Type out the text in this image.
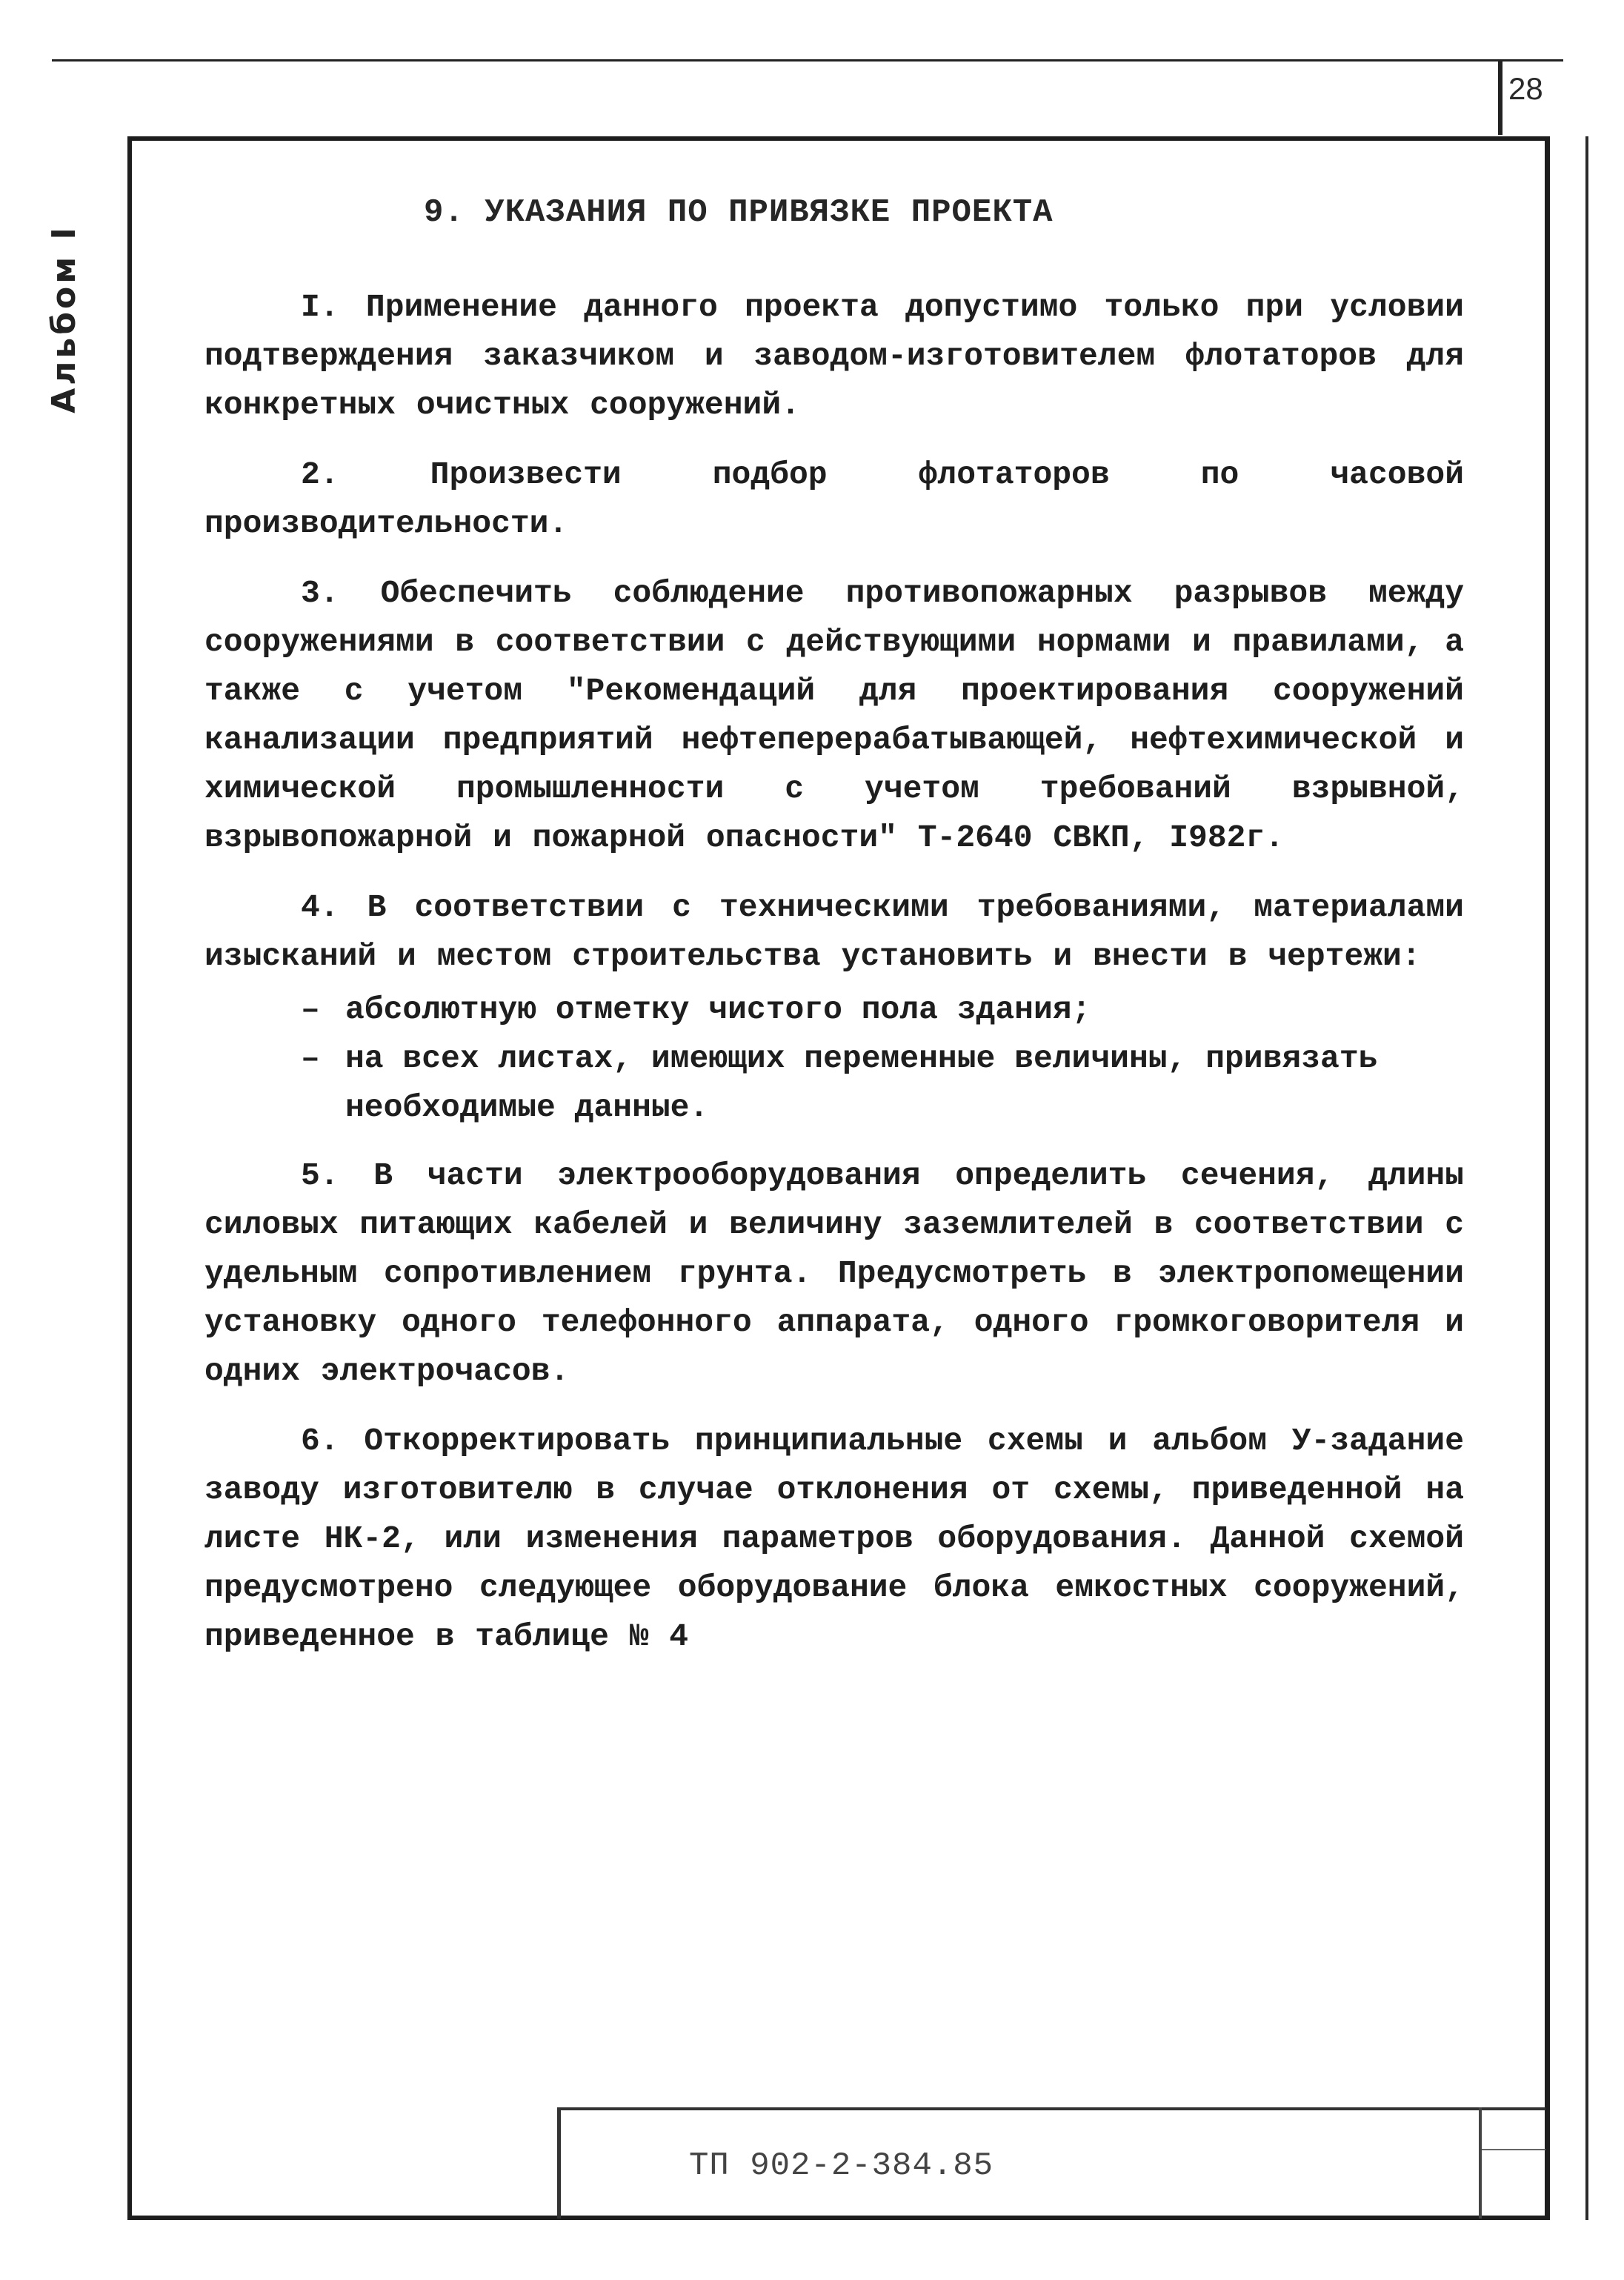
28
Альбом I
9. УКАЗАНИЯ ПО ПРИВЯЗКЕ ПРОЕКТА

I. Применение данного проекта допустимо только при условии подтверждения заказчиком и заводом-изготовителем флотаторов для конкретных очистных сооружений.

2. Произвести подбор флотаторов по часовой производительности.

3. Обеспечить соблюдение противопожарных разрывов между сооружениями в соответствии с действующими нормами и правилами, а также с учетом "Рекомендаций для проектирования сооружений канализации предприятий нефтеперерабатывающей, нефтехимической и химической промышленности с учетом требований взрывной, взрывопожарной и пожарной опасности" Т-2640 СВКП, I982г.

4. В соответствии с техническими требованиями, материалами изысканий и местом строительства установить и внести в чертежи:

– абсолютную отметку чистого пола здания;
– на всех листах, имеющих переменные величины, привязать необходимые данные.

5. В части электрооборудования определить сечения, длины силовых питающих кабелей и величину заземлителей в соответствии с удельным сопротивлением грунта. Предусмотреть в электропомещении установку одного телефонного аппарата, одного громкоговорителя и одних электрочасов.

6. Откорректировать принципиальные схемы и альбом У-задание заводу изготовителю в случае отклонения от схемы, приведенной на листе НК-2, или изменения параметров оборудования. Данной схемой предусмотрено следующее оборудование блока емкостных сооружений, приведенное в таблице № 4

ТП 902-2-384.85
